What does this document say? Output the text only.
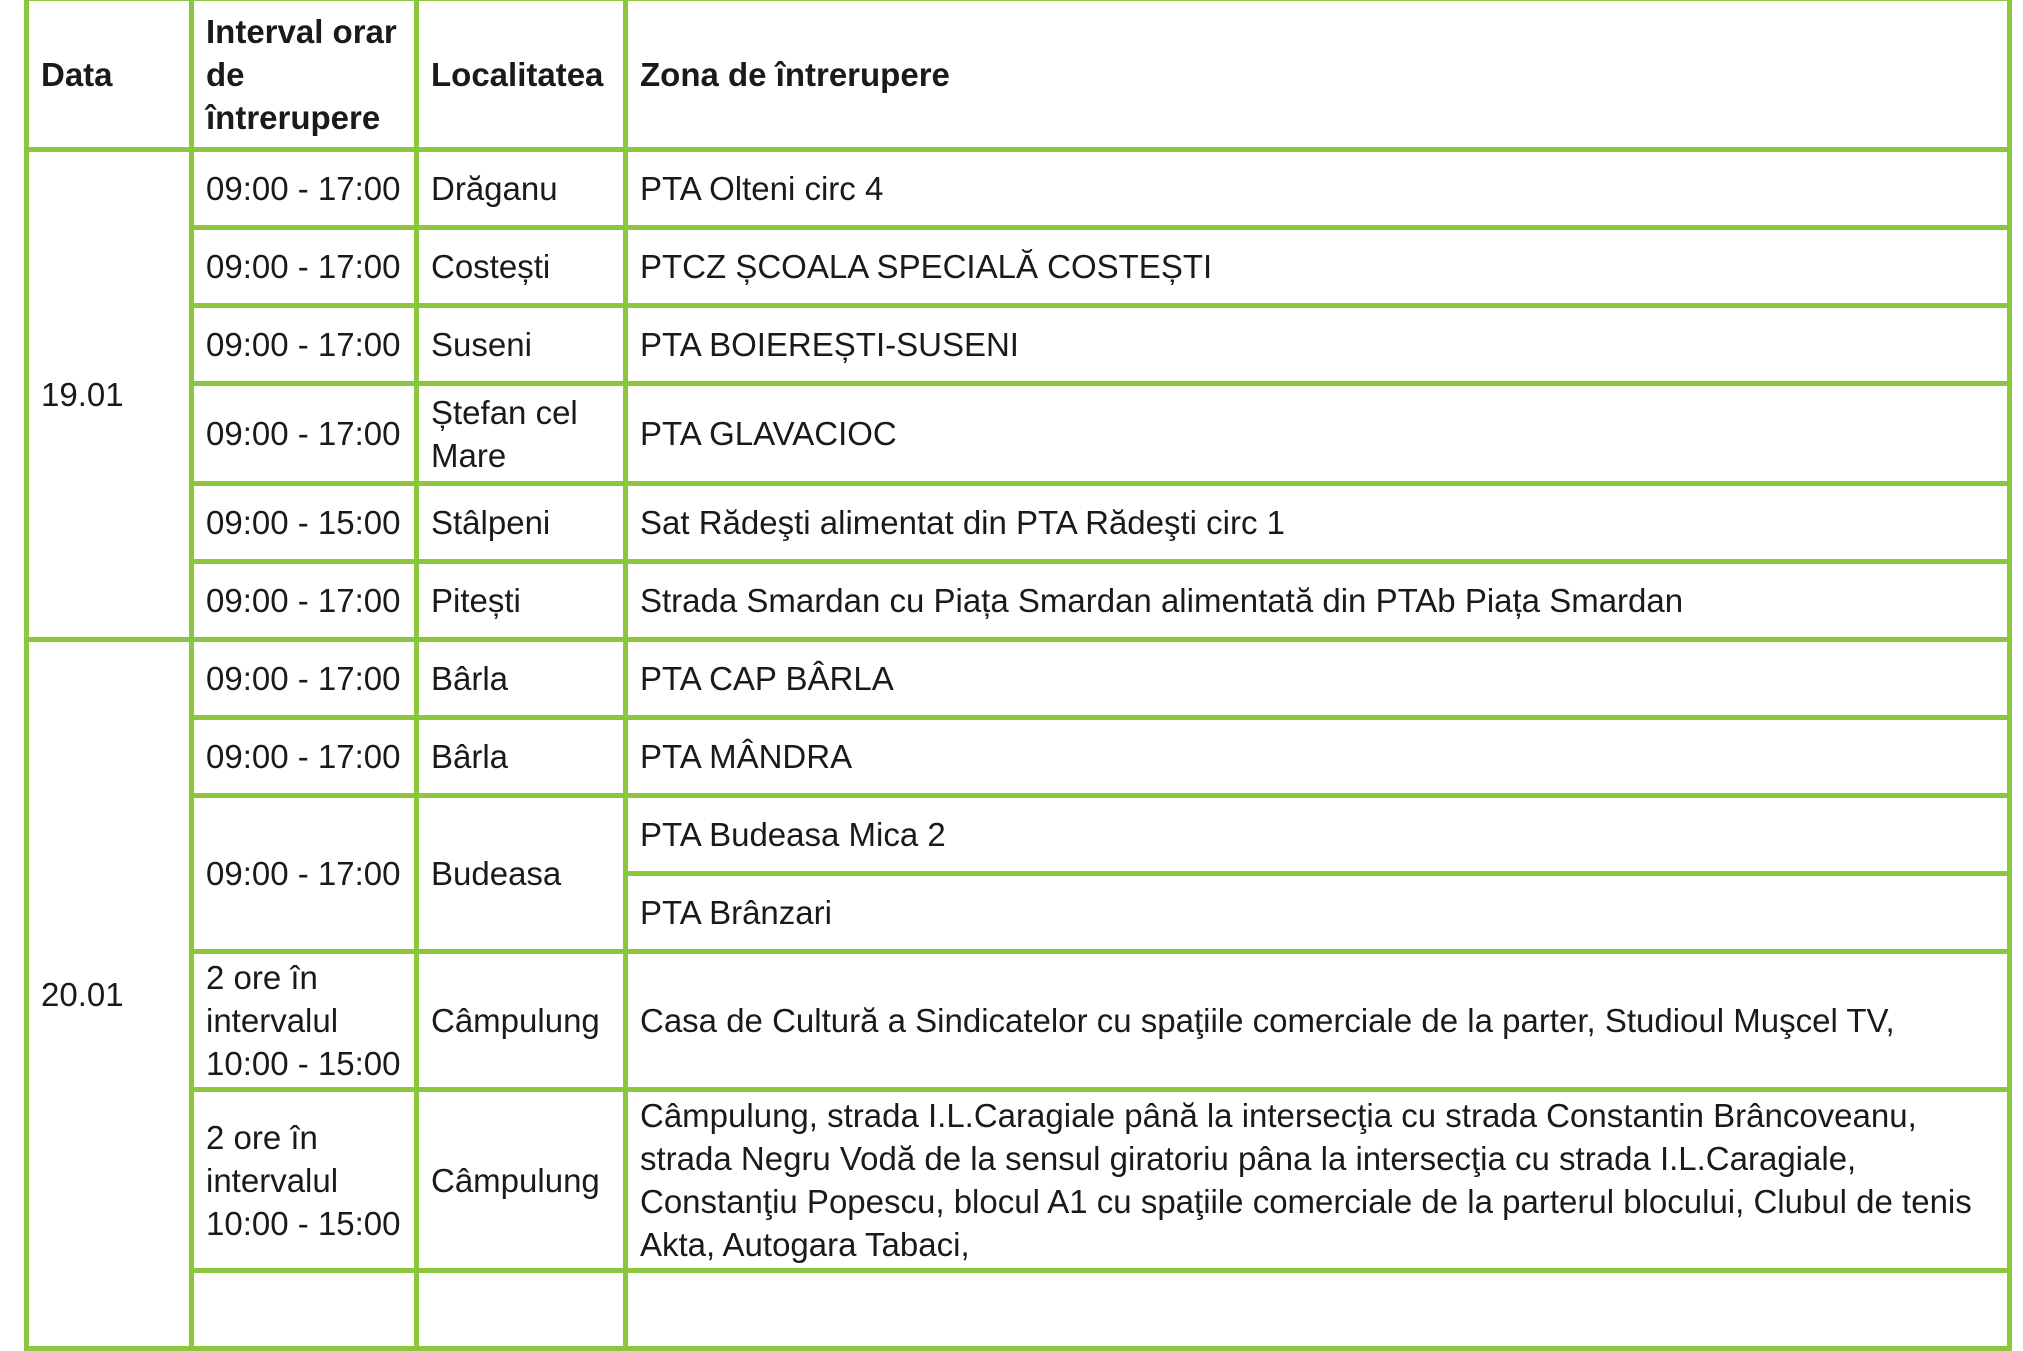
Data	Interval orar de întrerupere	Localitatea	Zona de întrerupere
19.01	09:00 - 17:00	Drăganu	PTA Olteni circ 4
	09:00 - 17:00	Costești	PTCZ ȘCOALA SPECIALĂ COSTEȘTI
	09:00 - 17:00	Suseni	PTA BOIEREȘTI-SUSENI
	09:00 - 17:00	Ștefan cel Mare	PTA GLAVACIOC
	09:00 - 15:00	Stâlpeni	Sat Rădeşti alimentat din PTA Rădeşti circ 1
	09:00 - 17:00	Pitești	Strada Smardan cu Piața Smardan alimentată din PTAb Piața Smardan
20.01	09:00 - 17:00	Bârla	PTA CAP BÂRLA
	09:00 - 17:00	Bârla	PTA MÂNDRA
	09:00 - 17:00	Budeasa	PTA Budeasa Mica 2
			PTA Brânzari
	2 ore în intervalul 10:00 - 15:00	Câmpulung	Casa de Cultură a Sindicatelor cu spaţiile comerciale de la parter, Studioul Muşcel TV,
	2 ore în intervalul 10:00 - 15:00	Câmpulung	Câmpulung, strada I.L.Caragiale până la intersecţia cu strada Constantin Brâncoveanu, strada Negru Vodă de la sensul giratoriu pâna la intersecţia cu strada I.L.Caragiale, Constanţiu Popescu, blocul A1 cu spaţiile comerciale de la parterul blocului, Clubul de tenis Akta, Autogara Tabaci,
